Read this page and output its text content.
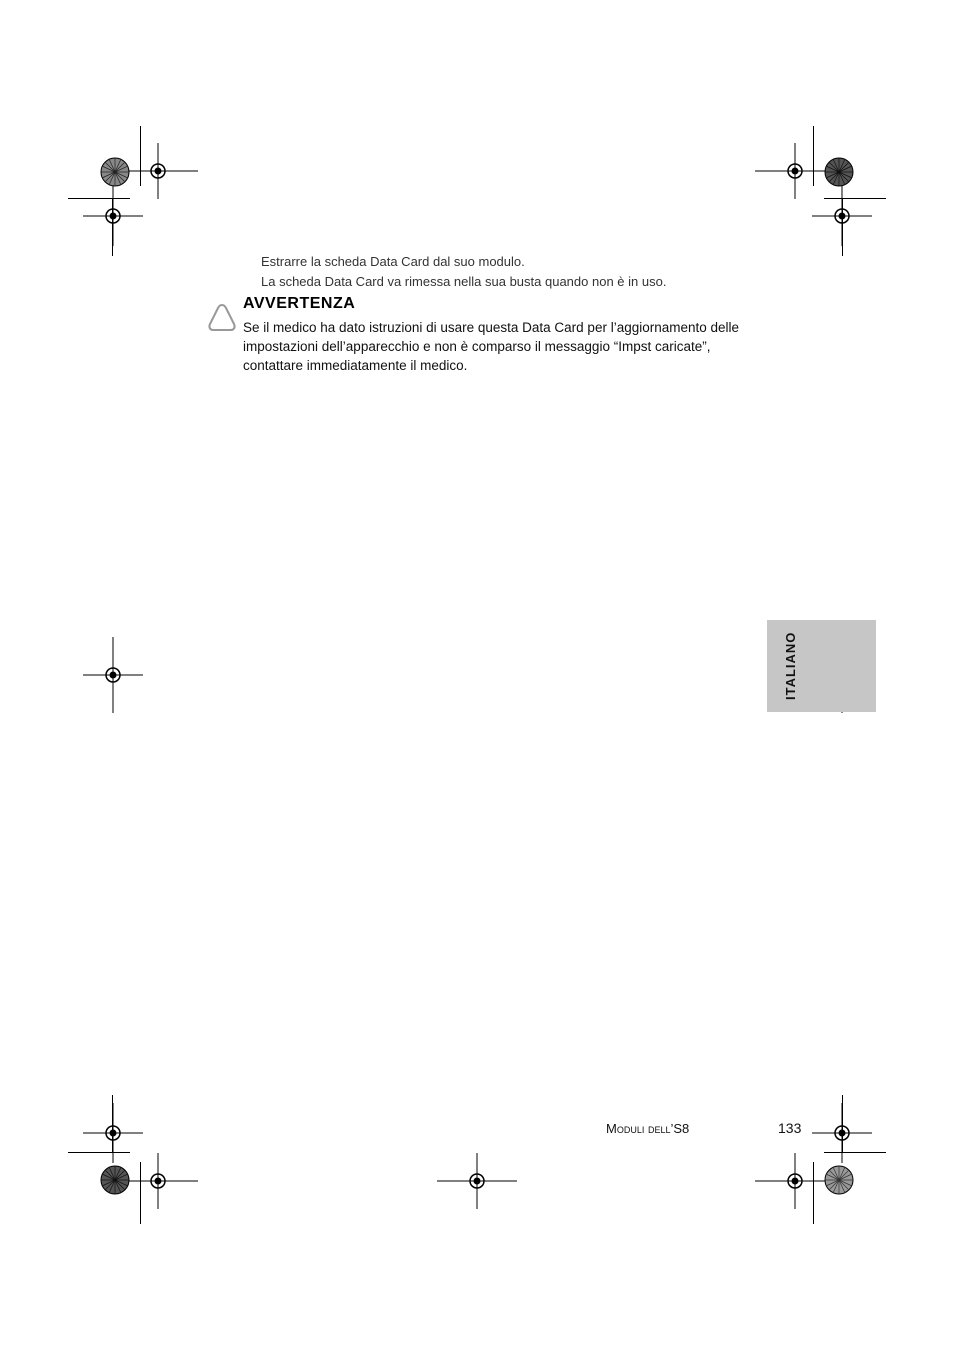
Estrarre la scheda Data Card dal suo modulo.
La scheda Data Card va rimessa nella sua busta quando non è in uso.
AVVERTENZA
Se il medico ha dato istruzioni di usare questa Data Card per l’aggiornamento delle
impostazioni dell’apparecchio e non è comparso il messaggio “Impst caricate”,
contattare immediatamente il medico.
ITALIANO
Moduli dell’S8	133
